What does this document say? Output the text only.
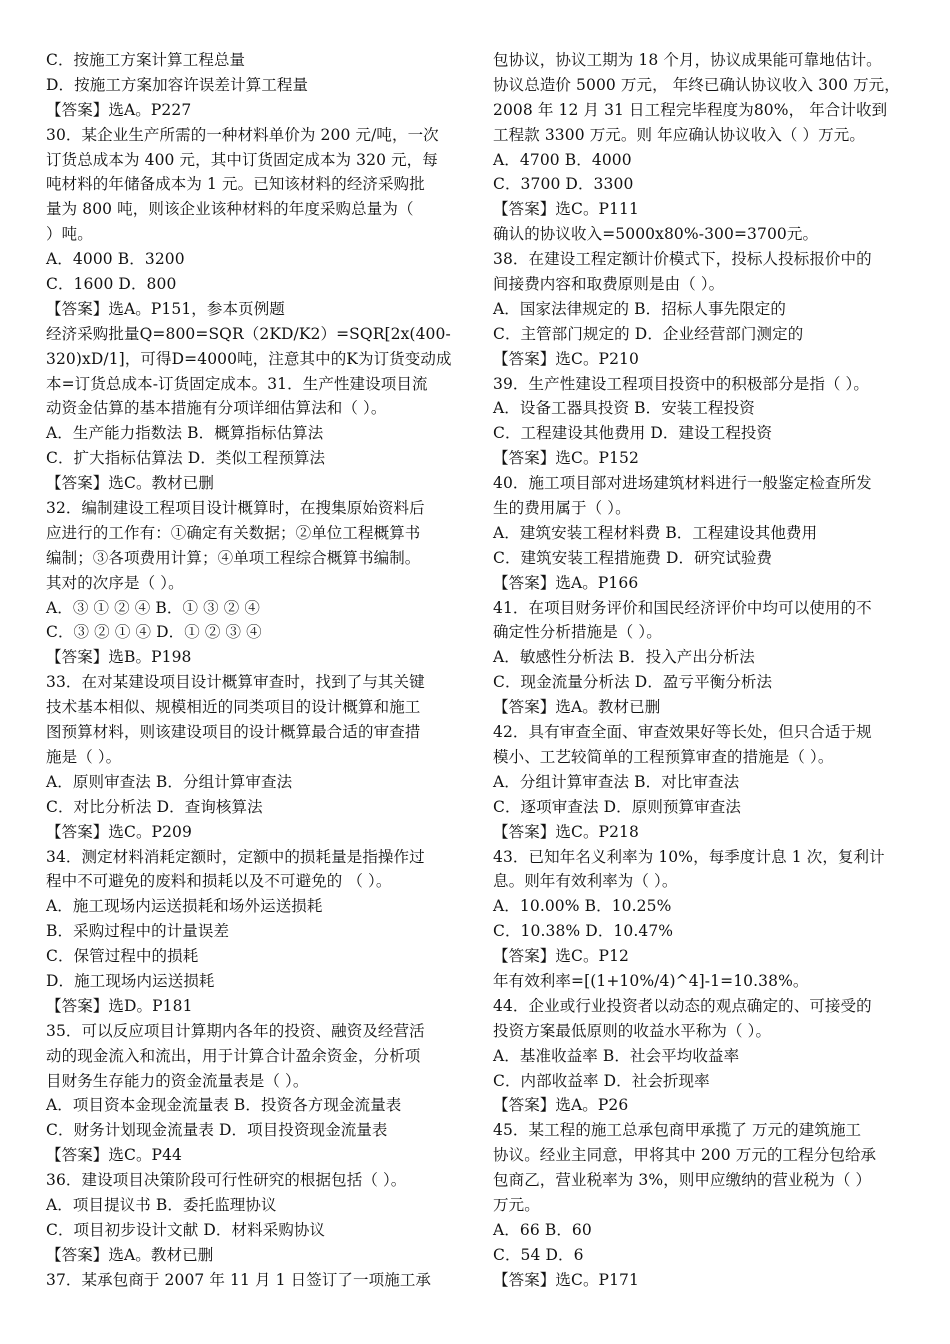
C．按施工方案计算工程总量
D．按施工方案加容许误差计算工程量
【答案】选A。P227
30．某企业生产所需的一种材料单价为 200 元/吨，一次
订货总成本为 400 元，其中订货固定成本为 320 元，每
吨材料的年储备成本为 1 元。已知该材料的经济采购批
量为 800 吨，则该企业该种材料的年度采购总量为（
）吨。
A．4000 B．3200
C．1600 D．800
【答案】选A。P151，参本页例题
经济采购批量Q=800=SQR（2KD/K2）=SQR[2x(400-
320)xD/1]，可得D=4000吨，注意其中的K为订货变动成
本=订货总成本-订货固定成本。31．生产性建设项目流
动资金估算的基本措施有分项详细估算法和（ ）。
A．生产能力指数法 B．概算指标估算法
C．扩大指标估算法 D．类似工程预算法
【答案】选C。教材已删
32．编制建设工程项目设计概算时，在搜集原始资料后
应进行的工作有：①确定有关数据；②单位工程概算书
编制；③各项费用计算；④单项工程综合概算书编制。
其对的次序是（ ）。
A．③ ① ② ④ B．① ③ ② ④
C．③ ② ① ④ D．① ② ③ ④
【答案】选B。P198
33．在对某建设项目设计概算审查时，找到了与其关键
技术基本相似、规模相近的同类项目的设计概算和施工
图预算材料，则该建设项目的设计概算最合适的审查措
施是（ ）。
A．原则审查法 B．分组计算审查法
C．对比分析法 D．查询核算法
【答案】选C。P209
34．测定材料消耗定额时，定额中的损耗量是指操作过
程中不可避免的废料和损耗以及不可避免的 （ ）。
A．施工现场内运送损耗和场外运送损耗
B．采购过程中的计量误差
C．保管过程中的损耗
D．施工现场内运送损耗
【答案】选D。P181
35．可以反应项目计算期内各年的投资、融资及经营活
动的现金流入和流出，用于计算合计盈余资金，分析项
目财务生存能力的资金流量表是（ ）。
A．项目资本金现金流量表 B．投资各方现金流量表
C．财务计划现金流量表 D．项目投资现金流量表
【答案】选C。P44
36．建设项目决策阶段可行性研究的根据包括（ ）。
A．项目提议书 B．委托监理协议
C．项目初步设计文献 D．材料采购协议
【答案】选A。教材已删
37．某承包商于 2007 年 11 月 1 日签订了一项施工承
包协议，协议工期为 18 个月，协议成果能可靠地估计。
协议总造价 5000 万元， 年终已确认协议收入 300 万元，
2008 年 12 月 31 日工程完毕程度为80%， 年合计收到
工程款 3300 万元。则 年应确认协议收入（ ）万元。
A．4700 B．4000
C．3700 D．3300
【答案】选C。P111
确认的协议收入=5000x80%-300=3700元。
38．在建设工程定额计价模式下，投标人投标报价中的
间接费内容和取费原则是由（ ）。
A．国家法律规定的 B．招标人事先限定的
C．主管部门规定的 D．企业经营部门测定的
【答案】选C。P210
39．生产性建设工程项目投资中的积极部分是指（ ）。
A．设备工器具投资 B．安装工程投资
C．工程建设其他费用 D．建设工程投资
【答案】选C。P152
40．施工项目部对进场建筑材料进行一般鉴定检查所发
生的费用属于（ ）。
A．建筑安装工程材料费 B．工程建设其他费用
C．建筑安装工程措施费 D．研究试验费
【答案】选A。P166
41．在项目财务评价和国民经济评价中均可以使用的不
确定性分析措施是（ ）。
A．敏感性分析法 B．投入产出分析法
C．现金流量分析法 D．盈亏平衡分析法
【答案】选A。教材已删
42．具有审查全面、审查效果好等长处，但只合适于规
模小、工艺较简单的工程预算审查的措施是（ ）。
A．分组计算审查法 B．对比审查法
C．逐项审查法 D．原则预算审查法
【答案】选C。P218
43．已知年名义利率为 10%，每季度计息 1 次，复利计
息。则年有效利率为（ ）。
A．10.00% B．10.25%
C．10.38% D．10.47%
【答案】选C。P12
年有效利率=[(1+10%/4)^4]-1=10.38%。
44．企业或行业投资者以动态的观点确定的、可接受的
投资方案最低原则的收益水平称为（ ）。
A．基准收益率 B．社会平均收益率
C．内部收益率 D．社会折现率
【答案】选A。P26
45．某工程的施工总承包商甲承揽了 万元的建筑施工
协议。经业主同意，甲将其中 200 万元的工程分包给承
包商乙，营业税率为 3%，则甲应缴纳的营业税为（ ）
万元。
A．66 B．60
C．54 D．6
【答案】选C。P171
